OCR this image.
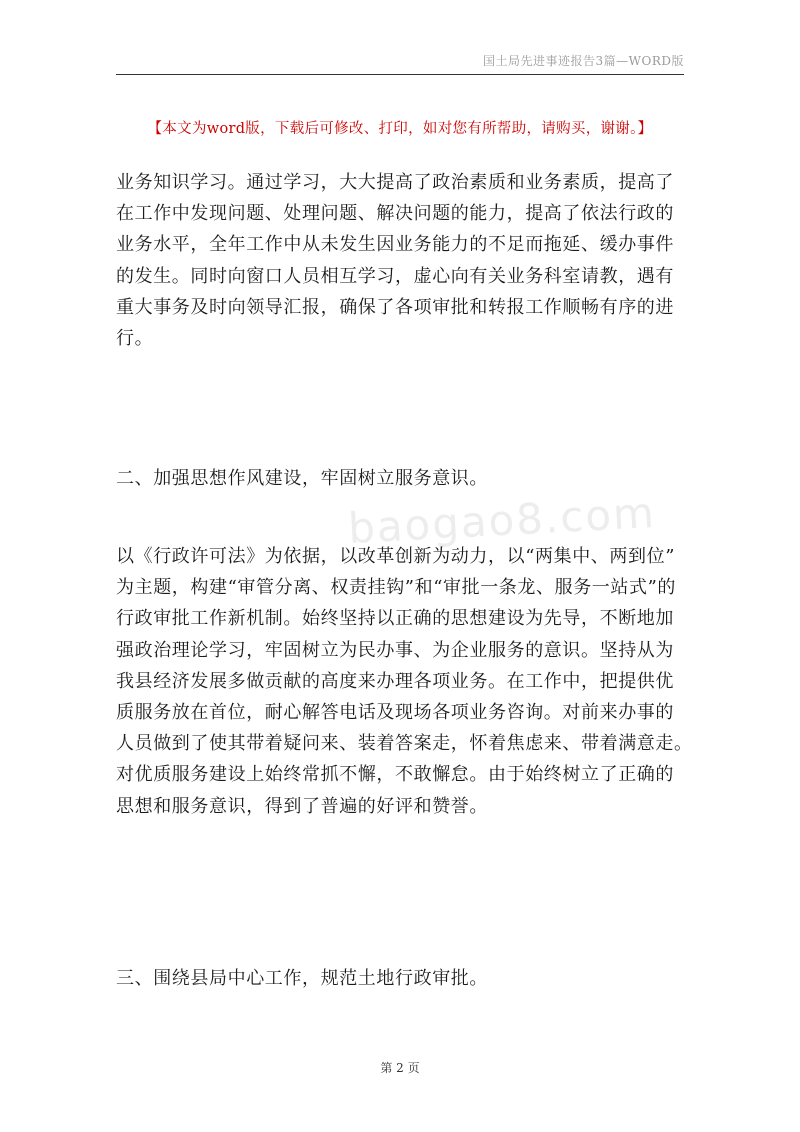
国土局先进事迹报告3篇—WORD版
【本文为word版，下载后可修改、打印，如对您有所帮助，请购买，谢谢。】
baogao8.com
业务知识学习。通过学习，大大提高了政治素质和业务素质，提高了
在工作中发现问题、处理问题、解决问题的能力，提高了依法行政的
业务水平，全年工作中从未发生因业务能力的不足而拖延、缓办事件
的发生。同时向窗口人员相互学习，虚心向有关业务科室请教，遇有
重大事务及时向领导汇报，确保了各项审批和转报工作顺畅有序的进
行。
二、加强思想作风建设，牢固树立服务意识。
以《行政许可法》为依据，以改革创新为动力，以“两集中、两到位”
为主题，构建“审管分离、权责挂钩”和“审批一条龙、服务一站式”的
行政审批工作新机制。始终坚持以正确的思想建设为先导，不断地加
强政治理论学习，牢固树立为民办事、为企业服务的意识。坚持从为
我县经济发展多做贡献的高度来办理各项业务。在工作中，把提供优
质服务放在首位，耐心解答电话及现场各项业务咨询。对前来办事的
人员做到了使其带着疑问来、装着答案走，怀着焦虑来、带着满意走。
对优质服务建设上始终常抓不懈，不敢懈怠。由于始终树立了正确的
思想和服务意识，得到了普遍的好评和赞誉。
三、围绕县局中心工作，规范土地行政审批。
第 2 页
